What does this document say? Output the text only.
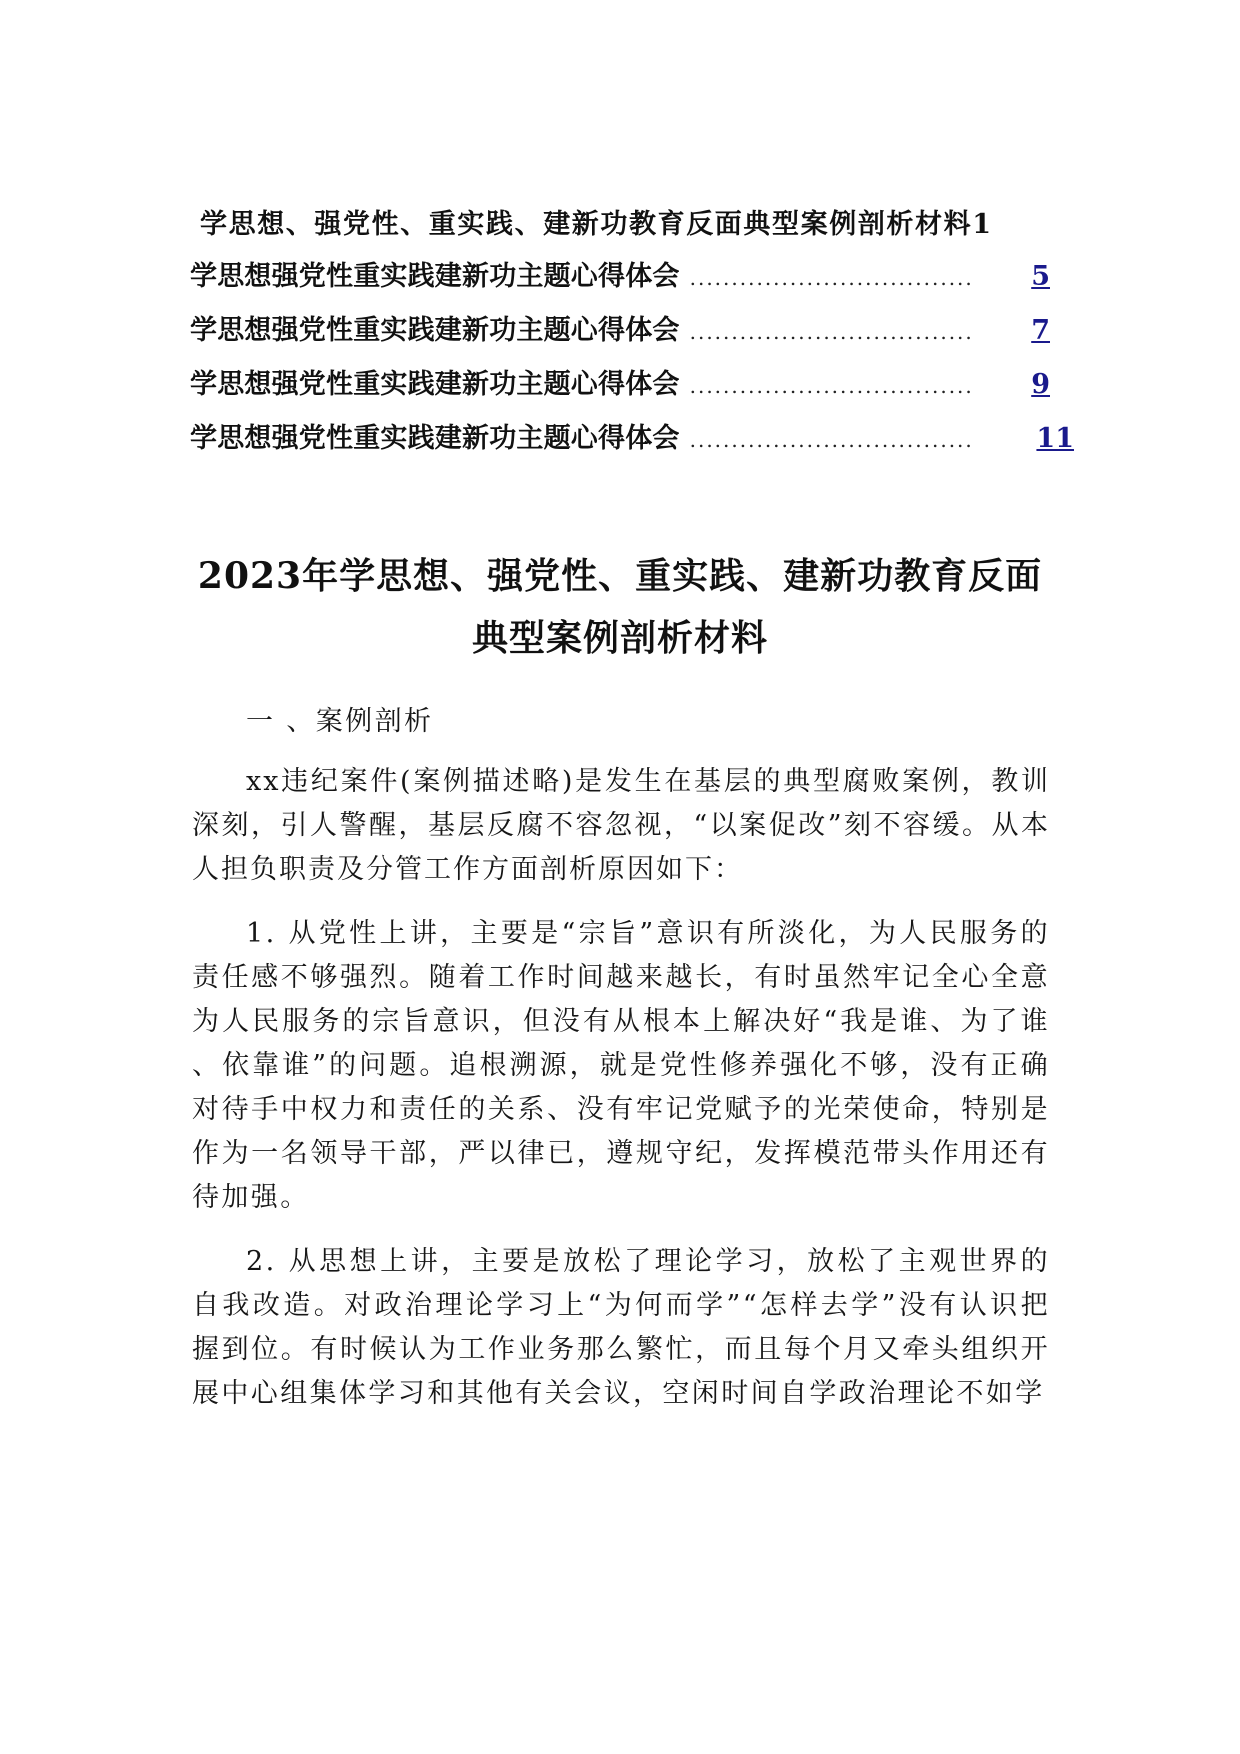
学思想、强党性、重实践、建新功教育反面典型案例剖析材料1
学思想强党性重实践建新功主题心得体会 ..................................	5
学思想强党性重实践建新功主题心得体会 ..................................	7
学思想强党性重实践建新功主题心得体会 ..................................	9
学思想强党性重实践建新功主题心得体会 ..................................	11
2023年学思想、强党性、重实践、建新功教育反面
典型案例剖析材料

一 、案例剖析

xx违纪案件(案例描述略)是发生在基层的典型腐败案例，教训深刻，引人警醒，基层反腐不容忽视，“以案促改”刻不容缓。从本人担负职责及分管工作方面剖析原因如下：

1. 从党性上讲，主要是“宗旨”意识有所淡化，为人民服务的责任感不够强烈。随着工作时间越来越长，有时虽然牢记全心全意为人民服务的宗旨意识，但没有从根本上解决好“我是谁、为了谁 、依靠谁”的问题。追根溯源，就是党性修养强化不够，没有正确对待手中权力和责任的关系、没有牢记党赋予的光荣使命，特别是作为一名领导干部，严以律已，遵规守纪，发挥模范带头作用还有待加强。

2. 从思想上讲，主要是放松了理论学习，放松了主观世界的自我改造。对政治理论学习上“为何而学”“怎样去学”没有认识把握到位。有时候认为工作业务那么繁忙，而且每个月又牵头组织开展中心组集体学习和其他有关会议，空闲时间自学政治理论不如学
